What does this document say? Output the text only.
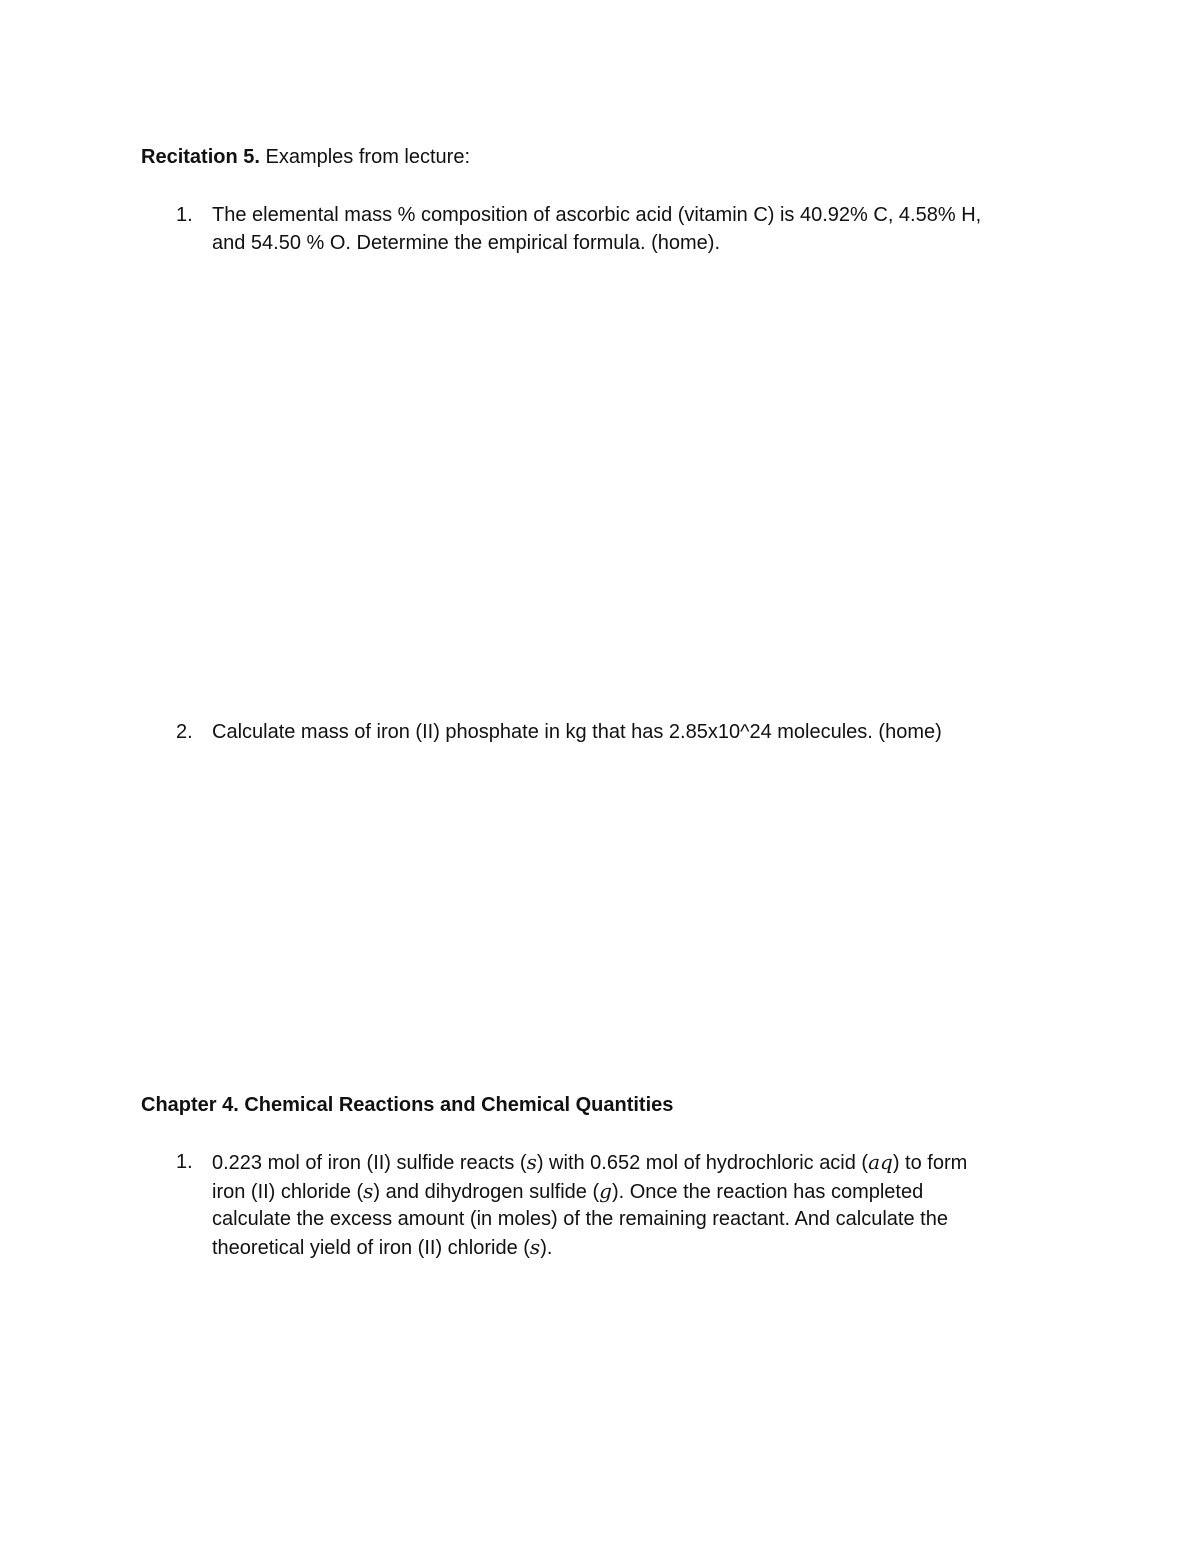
Recitation 5. Examples from lecture:
1. The elemental mass % composition of ascorbic acid (vitamin C) is 40.92% C, 4.58% H,
and 54.50 % O. Determine the empirical formula. (home).
2. Calculate mass of iron (II) phosphate in kg that has 2.85x10^24 molecules. (home)
Chapter 4. Chemical Reactions and Chemical Quantities
1. 0.223 mol of iron (II) sulfide reacts (s) with 0.652 mol of hydrochloric acid (aq) to form
iron (II) chloride (s) and dihydrogen sulfide (g). Once the reaction has completed
calculate the excess amount (in moles) of the remaining reactant. And calculate the
theoretical yield of iron (II) chloride (s).
